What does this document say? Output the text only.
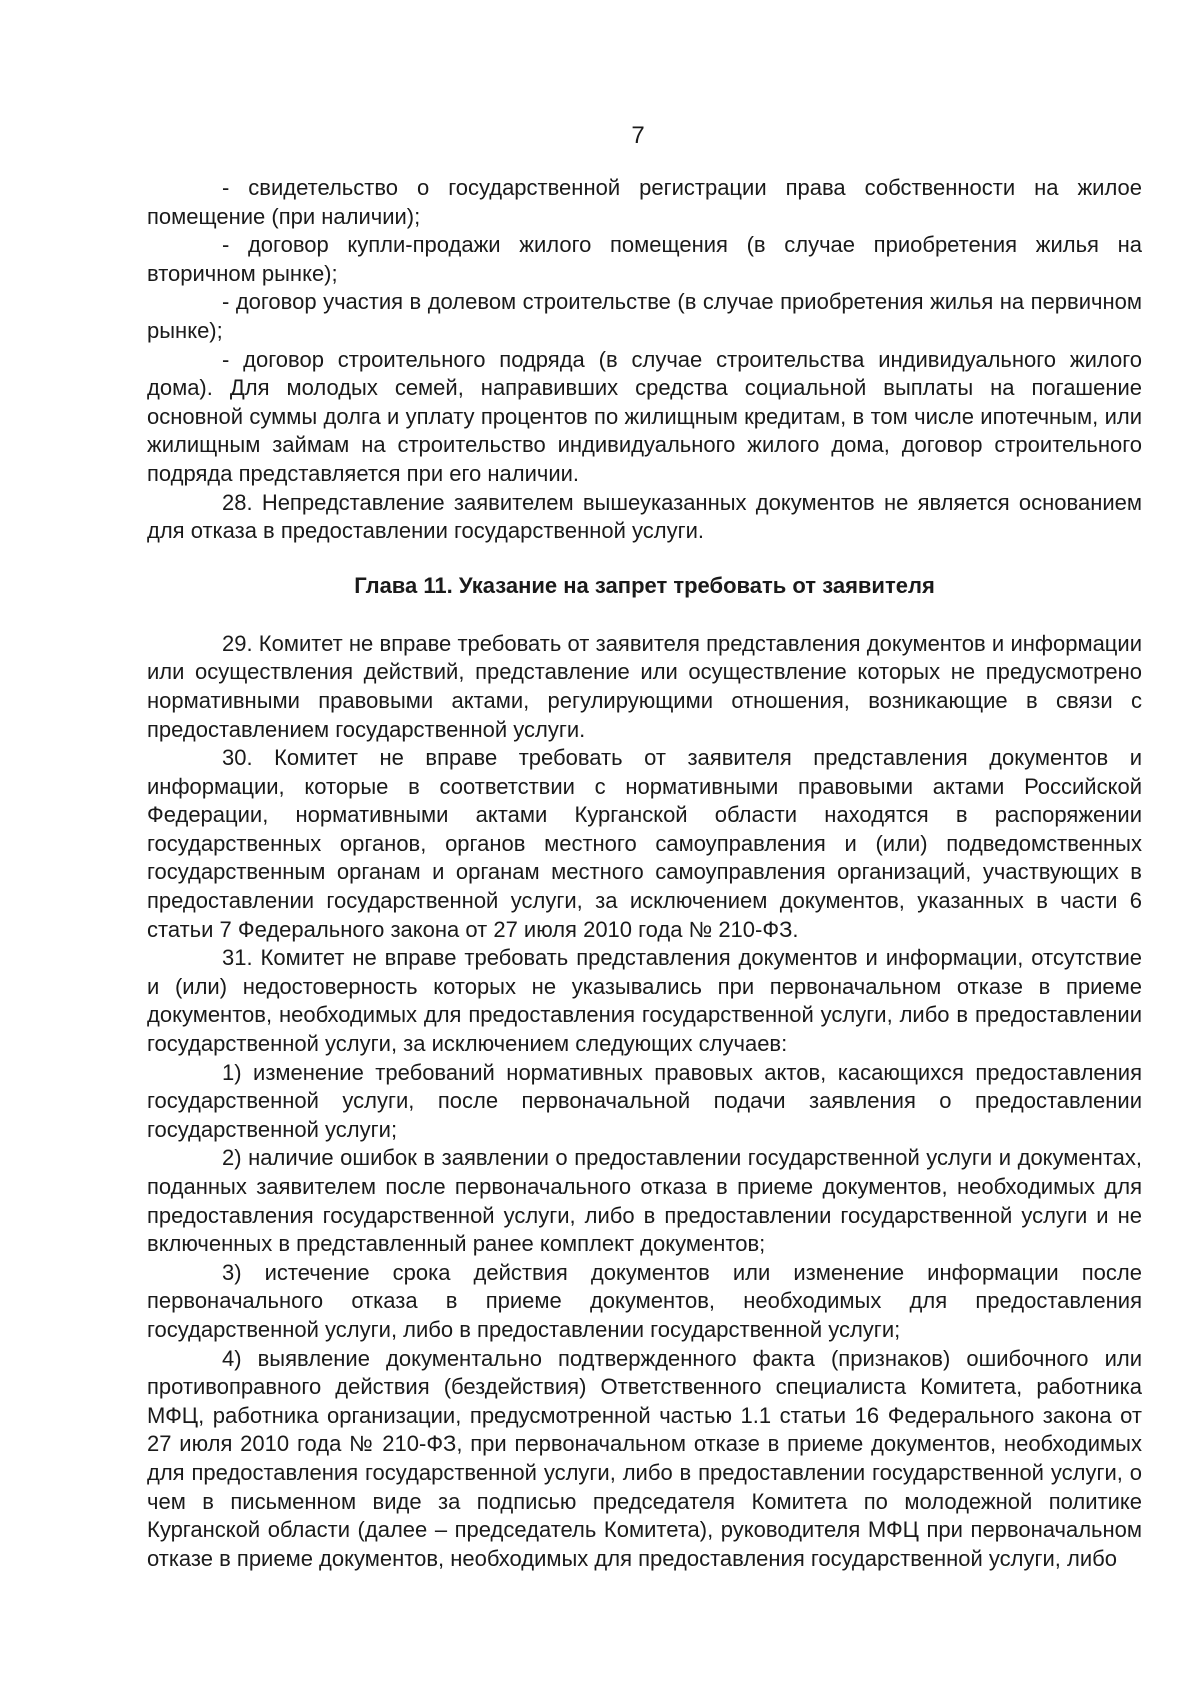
7

- свидетельство о государственной регистрации права собственности на жилое помещение (при наличии);

- договор купли-продажи жилого помещения (в случае приобретения жилья на вторичном рынке);

- договор участия в долевом строительстве (в случае приобретения жилья на первичном рынке);

- договор строительного подряда (в случае строительства индивидуального жилого дома). Для молодых семей, направивших средства социальной выплаты на погашение основной суммы долга и уплату процентов по жилищным кредитам, в том числе ипотечным, или жилищным займам на строительство индивидуального жилого дома, договор строительного подряда представляется при его наличии.

28. Непредставление заявителем вышеуказанных документов не является основанием для отказа в предоставлении государственной услуги.

Глава 11. Указание на запрет требовать от заявителя

29. Комитет не вправе требовать от заявителя представления документов и информации или осуществления действий, представление или осуществление которых не предусмотрено нормативными правовыми актами, регулирующими отношения, возникающие в связи с предоставлением государственной услуги.

30. Комитет не вправе требовать от заявителя представления документов и информации, которые в соответствии с нормативными правовыми актами Российской Федерации, нормативными актами Курганской области находятся в распоряжении государственных органов, органов местного самоуправления и (или) подведомственных государственным органам и органам местного самоуправления организаций, участвующих в предоставлении государственной услуги, за исключением документов, указанных в части 6 статьи 7 Федерального закона от 27 июля 2010 года № 210-ФЗ.

31. Комитет не вправе требовать представления документов и информации, отсутствие и (или) недостоверность которых не указывались при первоначальном отказе в приеме документов, необходимых для предоставления государственной услуги, либо в предоставлении государственной услуги, за исключением следующих случаев:

1) изменение требований нормативных правовых актов, касающихся предоставления государственной услуги, после первоначальной подачи заявления о предоставлении государственной услуги;

2) наличие ошибок в заявлении о предоставлении государственной услуги и документах, поданных заявителем после первоначального отказа в приеме документов, необходимых для предоставления государственной услуги, либо в предоставлении государственной услуги и не включенных в представленный ранее комплект документов;

3) истечение срока действия документов или изменение информации после первоначального отказа в приеме документов, необходимых для предоставления государственной услуги, либо в предоставлении государственной услуги;

4) выявление документально подтвержденного факта (признаков) ошибочного или противоправного действия (бездействия) Ответственного специалиста Комитета, работника МФЦ, работника организации, предусмотренной частью 1.1 статьи 16 Федерального закона от 27 июля 2010 года № 210-ФЗ, при первоначальном отказе в приеме документов, необходимых для предоставления государственной услуги, либо в предоставлении государственной услуги, о чем в письменном виде за подписью председателя Комитета по молодежной политике Курганской области (далее – председатель Комитета), руководителя МФЦ при первоначальном отказе в приеме документов, необходимых для предоставления государственной услуги, либо
